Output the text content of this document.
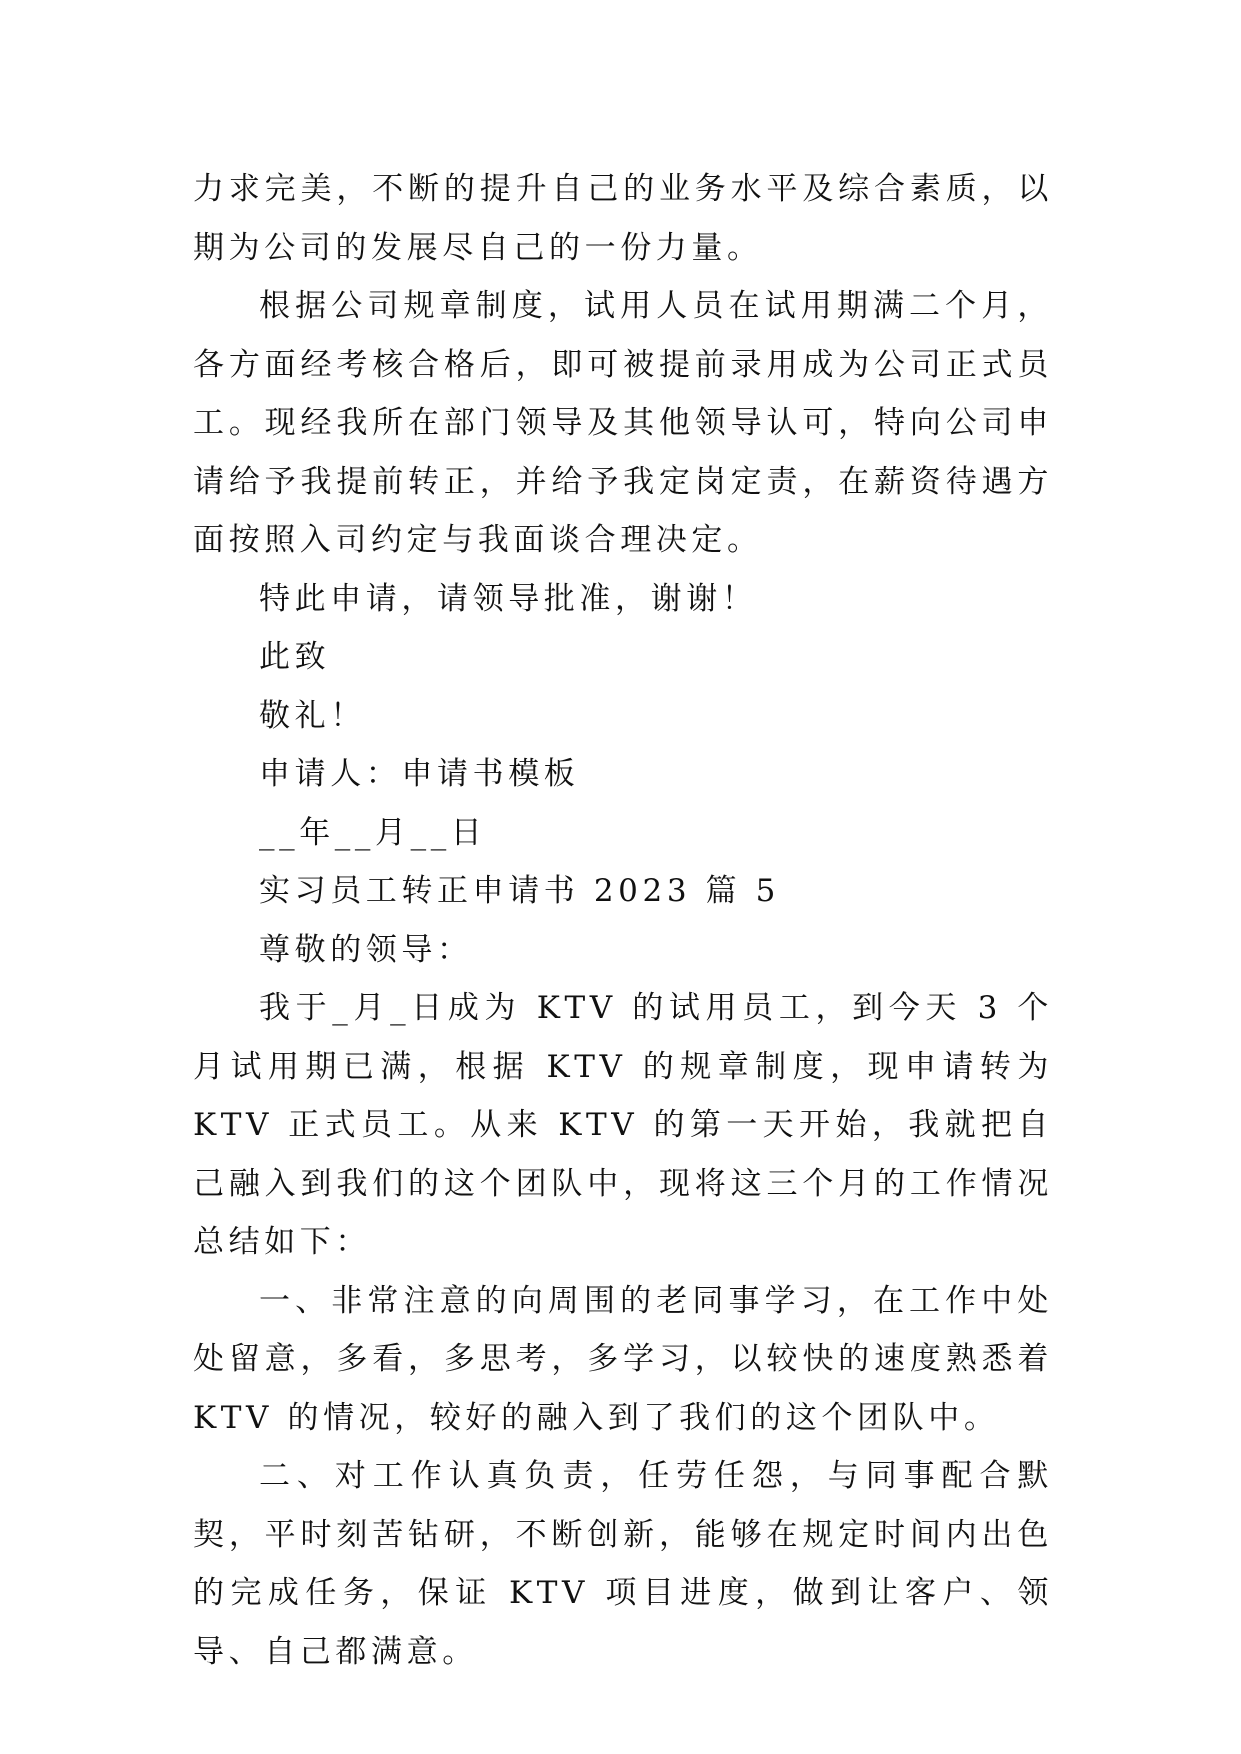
力求完美，不断的提升自己的业务水平及综合素质，以期为公司的发展尽自己的一份力量。

根据公司规章制度，试用人员在试用期满二个月，各方面经考核合格后，即可被提前录用成为公司正式员工。现经我所在部门领导及其他领导认可，特向公司申请给予我提前转正，并给予我定岗定责，在薪资待遇方面按照入司约定与我面谈合理决定。

特此申请，请领导批准，谢谢！

此致

敬礼！

申请人：申请书模板

__年__月__日

实习员工转正申请书 2023 篇 5

尊敬的领导：

我于_月_日成为 KTV 的试用员工，到今天 3 个月试用期已满，根据 KTV 的规章制度，现申请转为 KTV 正式员工。从来 KTV 的第一天开始，我就把自己融入到我们的这个团队中，现将这三个月的工作情况总结如下：

一、非常注意的向周围的老同事学习，在工作中处处留意，多看，多思考，多学习，以较快的速度熟悉着 KTV 的情况，较好的融入到了我们的这个团队中。

二、对工作认真负责，任劳任怨，与同事配合默契，平时刻苦钻研，不断创新，能够在规定时间内出色的完成任务，保证 KTV 项目进度，做到让客户、领导、自己都满意。
